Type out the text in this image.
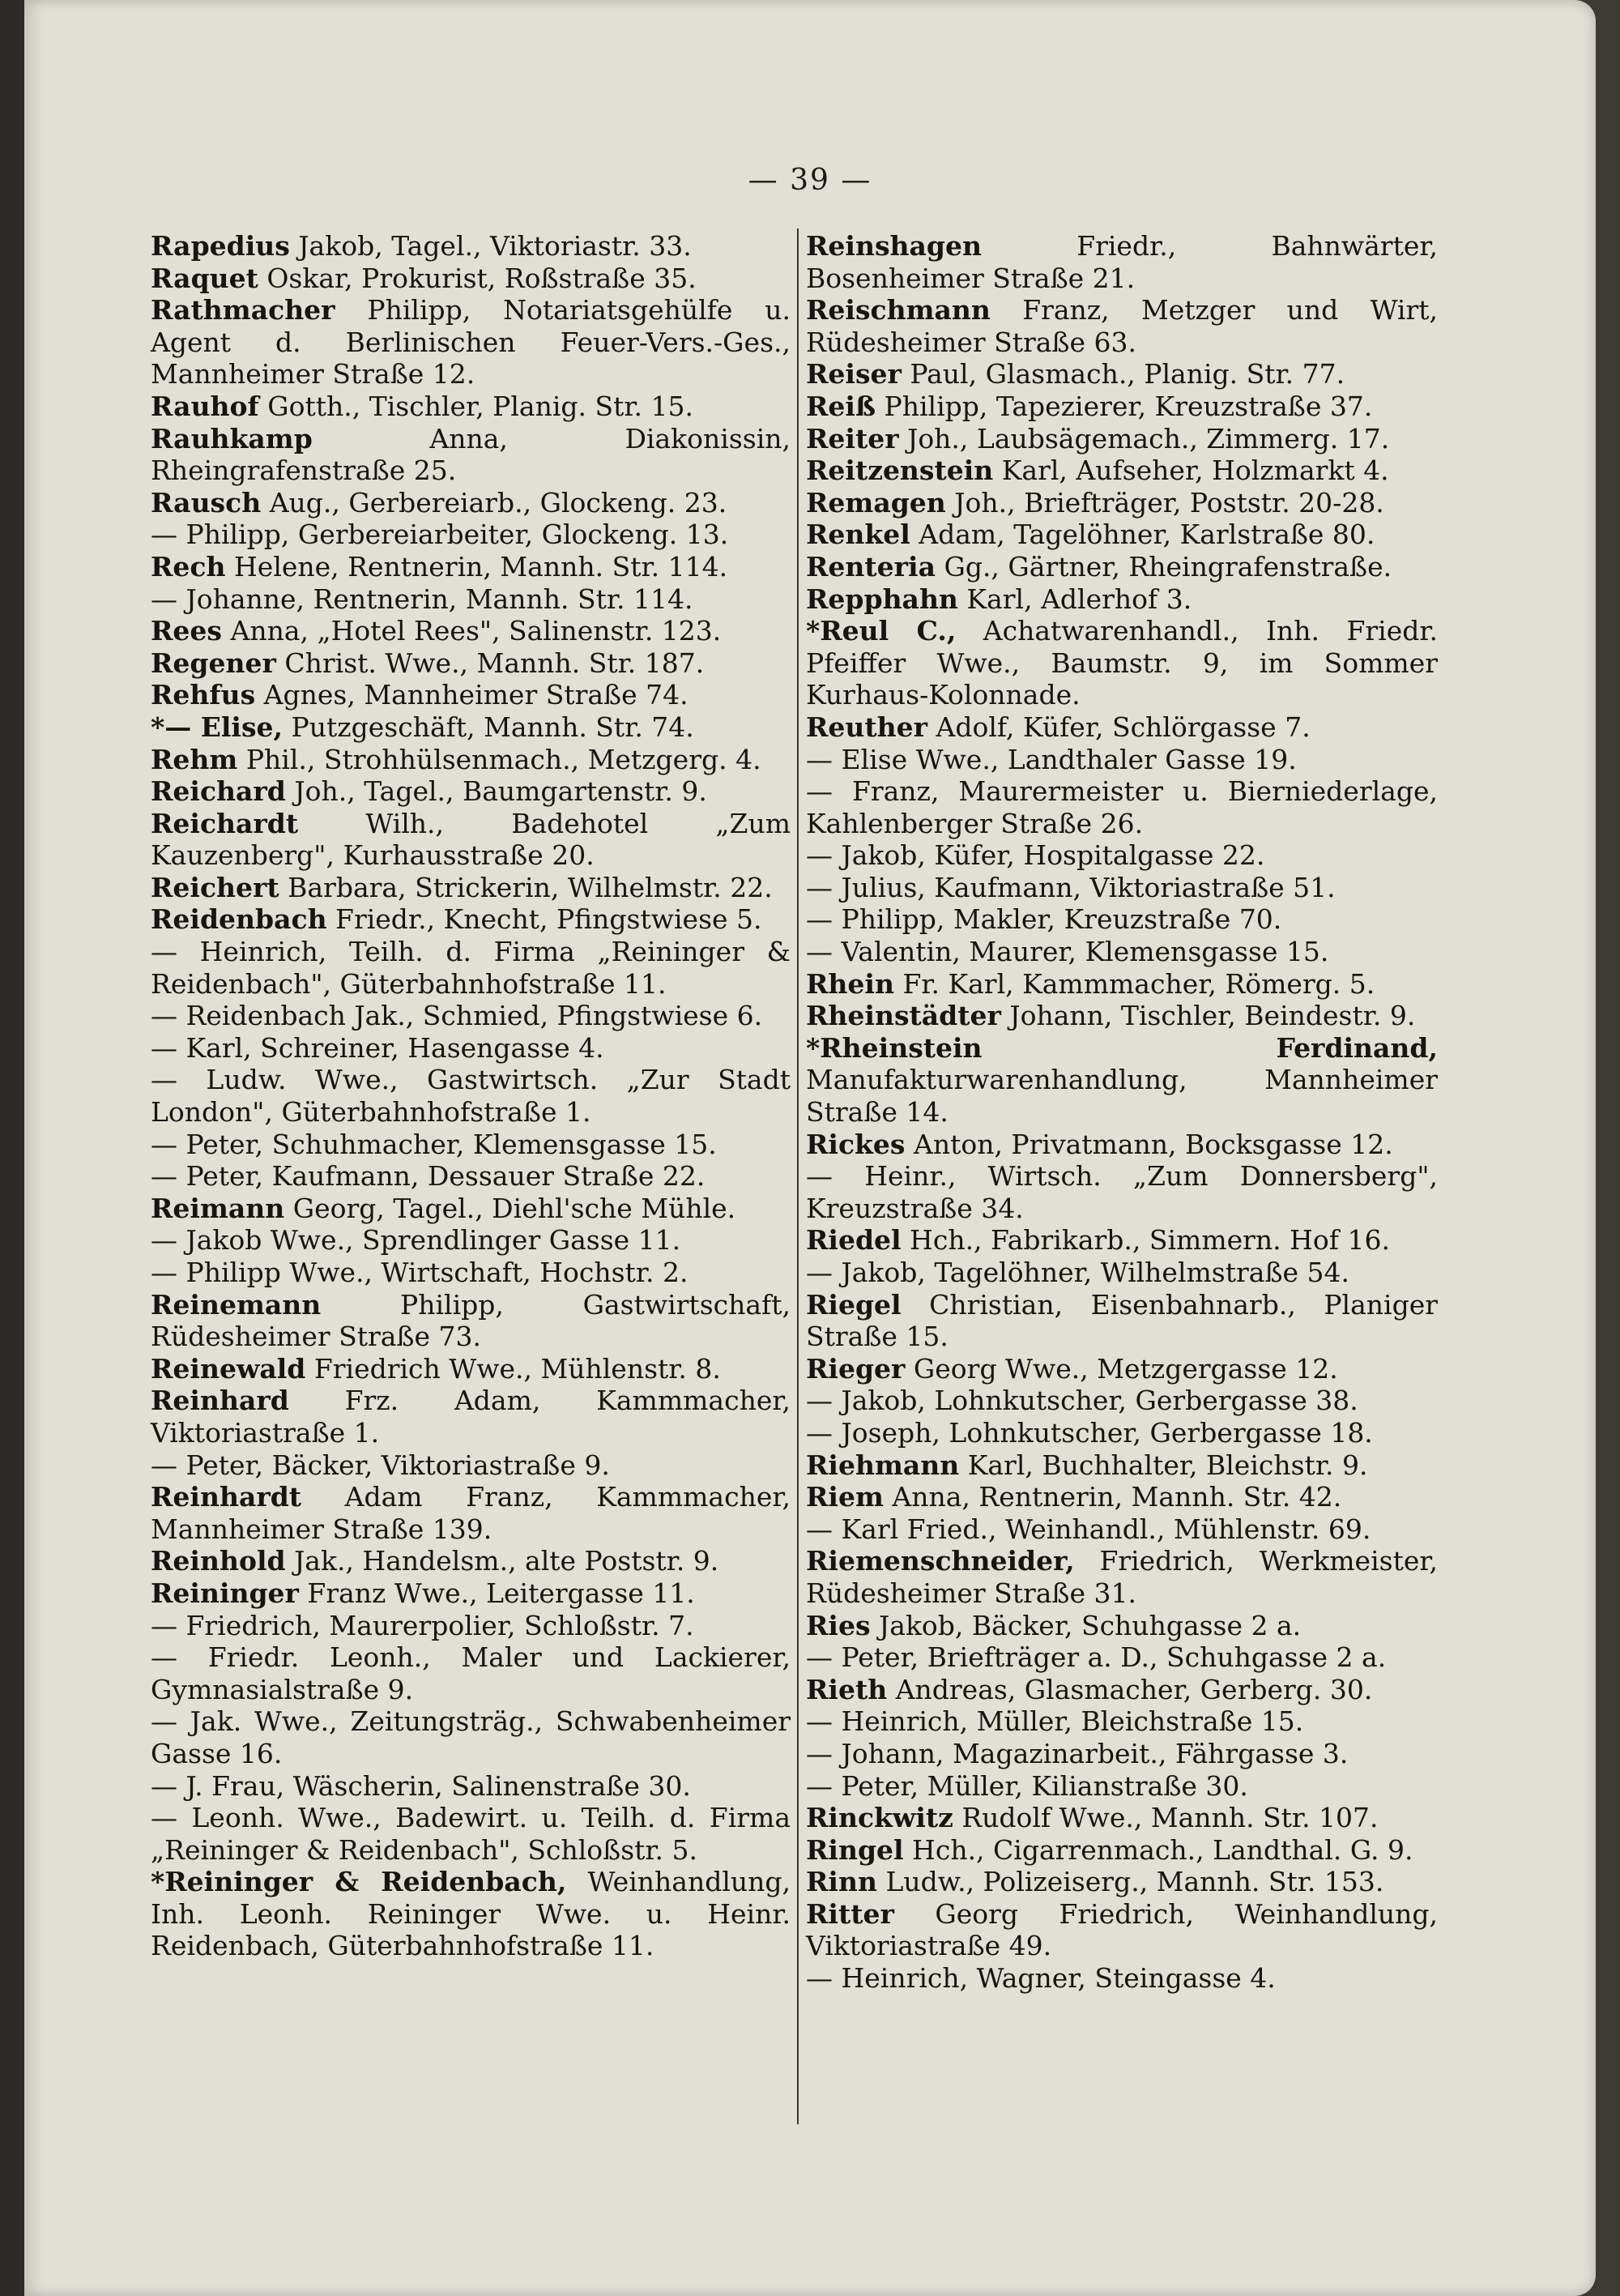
— 39 —
Rapedius Jakob, Tagel., Viktoriastr. 33.
Raquet Oskar, Prokurist, Roßstraße 35.
Rathmacher Philipp, Notariatsgehülfe u. Agent d. Berlinischen Feuer-Vers.-Ges., Mannheimer Straße 12.
Rauhof Gotth., Tischler, Planig. Str. 15.
Rauhkamp Anna, Diakonissin, Rheingrafenstraße 25.
Rausch Aug., Gerbereiarb., Glockeng. 23.
— Philipp, Gerbereiarbeiter, Glockeng. 13.
Rech Helene, Rentnerin, Mannh. Str. 114.
— Johanne, Rentnerin, Mannh. Str. 114.
Rees Anna, „Hotel Rees", Salinenstr. 123.
Regener Christ. Wwe., Mannh. Str. 187.
Rehfus Agnes, Mannheimer Straße 74.
*— Elise, Putzgeschäft, Mannh. Str. 74.
Rehm Phil., Strohhülsenmach., Metzgerg. 4.
Reichard Joh., Tagel., Baumgartenstr. 9.
Reichardt Wilh., Badehotel „Zum Kauzenberg", Kurhausstraße 20.
Reichert Barbara, Strickerin, Wilhelmstr. 22.
Reidenbach Friedr., Knecht, Pfingstwiese 5.
— Heinrich, Teilh. d. Firma „Reininger & Reidenbach", Güterbahnhofstraße 11.
— Reidenbach Jak., Schmied, Pfingstwiese 6.
— Karl, Schreiner, Hasengasse 4.
— Ludw. Wwe., Gastwirtsch. „Zur Stadt London", Güterbahnhofstraße 1.
— Peter, Schuhmacher, Klemensgasse 15.
— Peter, Kaufmann, Dessauer Straße 22.
Reimann Georg, Tagel., Diehl'sche Mühle.
— Jakob Wwe., Sprendlinger Gasse 11.
— Philipp Wwe., Wirtschaft, Hochstr. 2.
Reinemann Philipp, Gastwirtschaft, Rüdesheimer Straße 73.
Reinewald Friedrich Wwe., Mühlenstr. 8.
Reinhard Frz. Adam, Kammmacher, Viktoriastraße 1.
— Peter, Bäcker, Viktoriastraße 9.
Reinhardt Adam Franz, Kammmacher, Mannheimer Straße 139.
Reinhold Jak., Handelsm., alte Poststr. 9.
Reininger Franz Wwe., Leitergasse 11.
— Friedrich, Maurerpolier, Schloßstr. 7.
— Friedr. Leonh., Maler und Lackierer, Gymnasialstraße 9.
— Jak. Wwe., Zeitungsträg., Schwabenheimer Gasse 16.
— J. Frau, Wäscherin, Salinenstraße 30.
— Leonh. Wwe., Badewirt. u. Teilh. d. Firma „Reininger & Reidenbach", Schloßstr. 5.
*Reininger & Reidenbach, Weinhandlung, Inh. Leonh. Reininger Wwe. u. Heinr. Reidenbach, Güterbahnhofstraße 11.
Reinshagen Friedr., Bahnwärter, Bosenheimer Straße 21.
Reischmann Franz, Metzger und Wirt, Rüdesheimer Straße 63.
Reiser Paul, Glasmach., Planig. Str. 77.
Reiß Philipp, Tapezierer, Kreuzstraße 37.
Reiter Joh., Laubsägemach., Zimmerg. 17.
Reitzenstein Karl, Aufseher, Holzmarkt 4.
Remagen Joh., Briefträger, Poststr. 20-28.
Renkel Adam, Tagelöhner, Karlstraße 80.
Renteria Gg., Gärtner, Rheingrafenstraße.
Repphahn Karl, Adlerhof 3.
*Reul C., Achatwarenhandl., Inh. Friedr. Pfeiffer Wwe., Baumstr. 9, im Sommer Kurhaus-Kolonnade.
Reuther Adolf, Küfer, Schlörgasse 7.
— Elise Wwe., Landthaler Gasse 19.
— Franz, Maurermeister u. Bierniederlage, Kahlenberger Straße 26.
— Jakob, Küfer, Hospitalgasse 22.
— Julius, Kaufmann, Viktoriastraße 51.
— Philipp, Makler, Kreuzstraße 70.
— Valentin, Maurer, Klemensgasse 15.
Rhein Fr. Karl, Kammmacher, Römerg. 5.
Rheinstädter Johann, Tischler, Beindestr. 9.
*Rheinstein Ferdinand, Manufakturwarenhandlung, Mannheimer Straße 14.
Rickes Anton, Privatmann, Bocksgasse 12.
— Heinr., Wirtsch. „Zum Donnersberg", Kreuzstraße 34.
Riedel Hch., Fabrikarb., Simmern. Hof 16.
— Jakob, Tagelöhner, Wilhelmstraße 54.
Riegel Christian, Eisenbahnarb., Planiger Straße 15.
Rieger Georg Wwe., Metzgergasse 12.
— Jakob, Lohnkutscher, Gerbergasse 38.
— Joseph, Lohnkutscher, Gerbergasse 18.
Riehmann Karl, Buchhalter, Bleichstr. 9.
Riem Anna, Rentnerin, Mannh. Str. 42.
— Karl Fried., Weinhandl., Mühlenstr. 69.
Riemenschneider, Friedrich, Werkmeister, Rüdesheimer Straße 31.
Ries Jakob, Bäcker, Schuhgasse 2 a.
— Peter, Briefträger a. D., Schuhgasse 2 a.
Rieth Andreas, Glasmacher, Gerberg. 30.
— Heinrich, Müller, Bleichstraße 15.
— Johann, Magazinarbeit., Fährgasse 3.
— Peter, Müller, Kilianstraße 30.
Rinckwitz Rudolf Wwe., Mannh. Str. 107.
Ringel Hch., Cigarrenmach., Landthal. G. 9.
Rinn Ludw., Polizeiserg., Mannh. Str. 153.
Ritter Georg Friedrich, Weinhandlung, Viktoriastraße 49.
— Heinrich, Wagner, Steingasse 4.
